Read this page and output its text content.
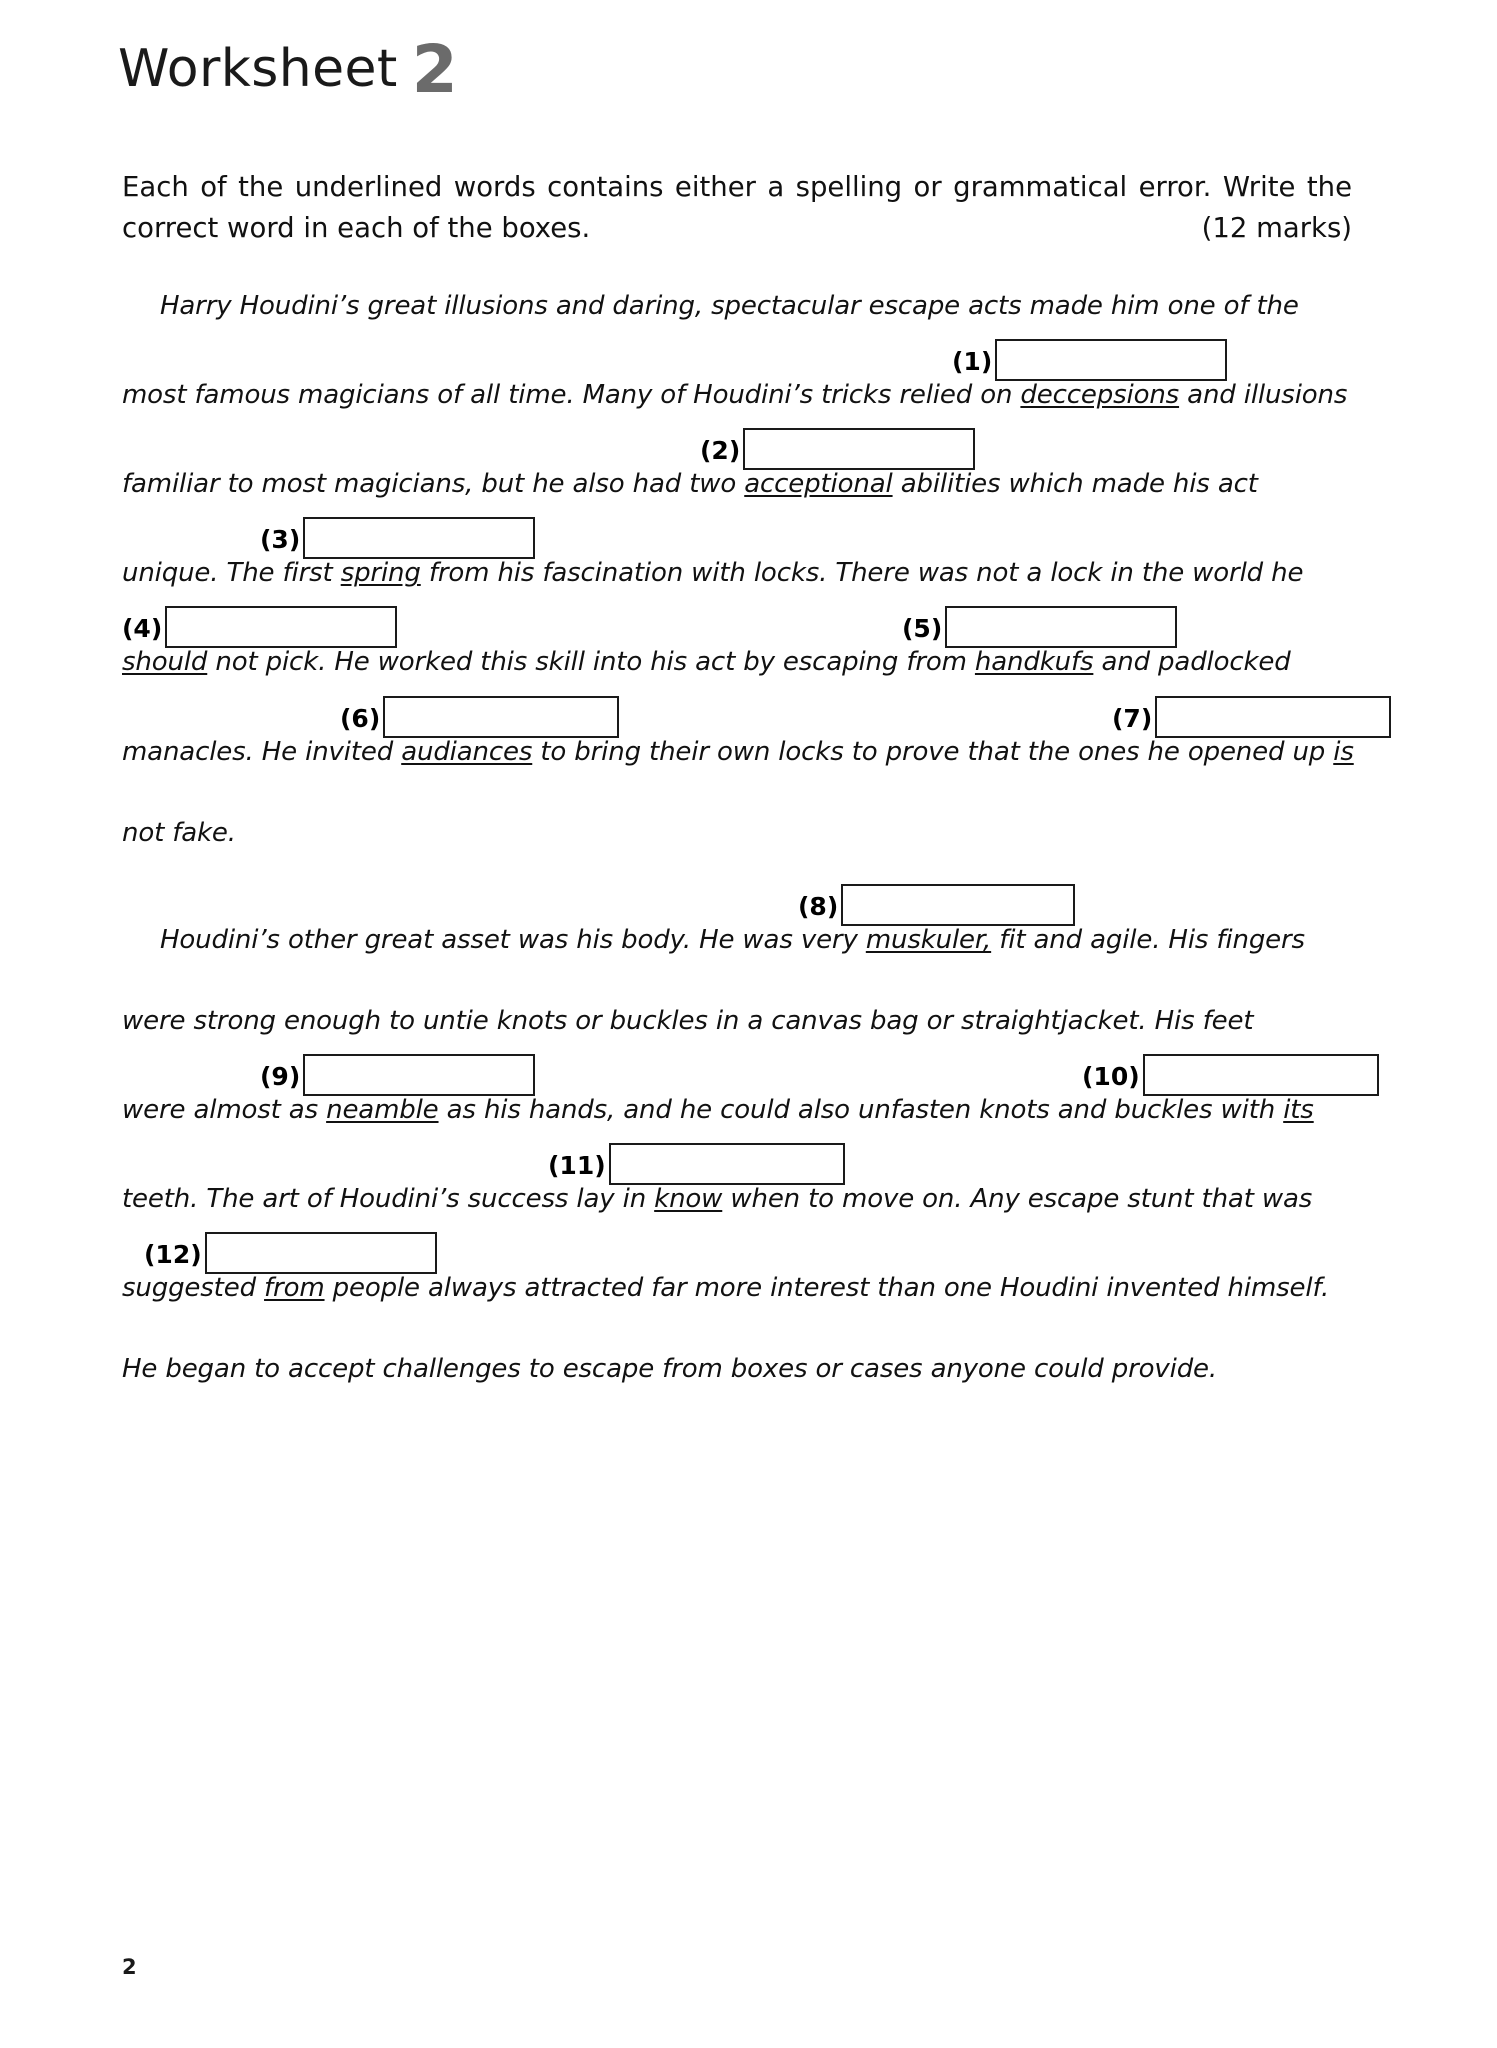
Worksheet 2
Each of the underlined words contains either a spelling or grammatical error. Write the
correct word in each of the boxes.	(12 marks)
Harry Houdini’s great illusions and daring, spectacular escape acts made him one of the
(1)
most famous magicians of all time. Many of Houdini’s tricks relied on deccepsions and illusions
(2)
familiar to most magicians, but he also had two acceptional abilities which made his act
(3)
unique. The first spring from his fascination with locks. There was not a lock in the world he
(4)	(5)
should not pick. He worked this skill into his act by escaping from handkufs and padlocked
(6)	(7)
manacles. He invited audiances to bring their own locks to prove that the ones he opened up is
not fake.
(8)
Houdini’s other great asset was his body. He was very muskuler, fit and agile. His fingers
were strong enough to untie knots or buckles in a canvas bag or straightjacket. His feet
(9)	(10)
were almost as neamble as his hands, and he could also unfasten knots and buckles with its
(11)
teeth. The art of Houdini’s success lay in know when to move on. Any escape stunt that was
(12)
suggested from people always attracted far more interest than one Houdini invented himself.
He began to accept challenges to escape from boxes or cases anyone could provide.
2
